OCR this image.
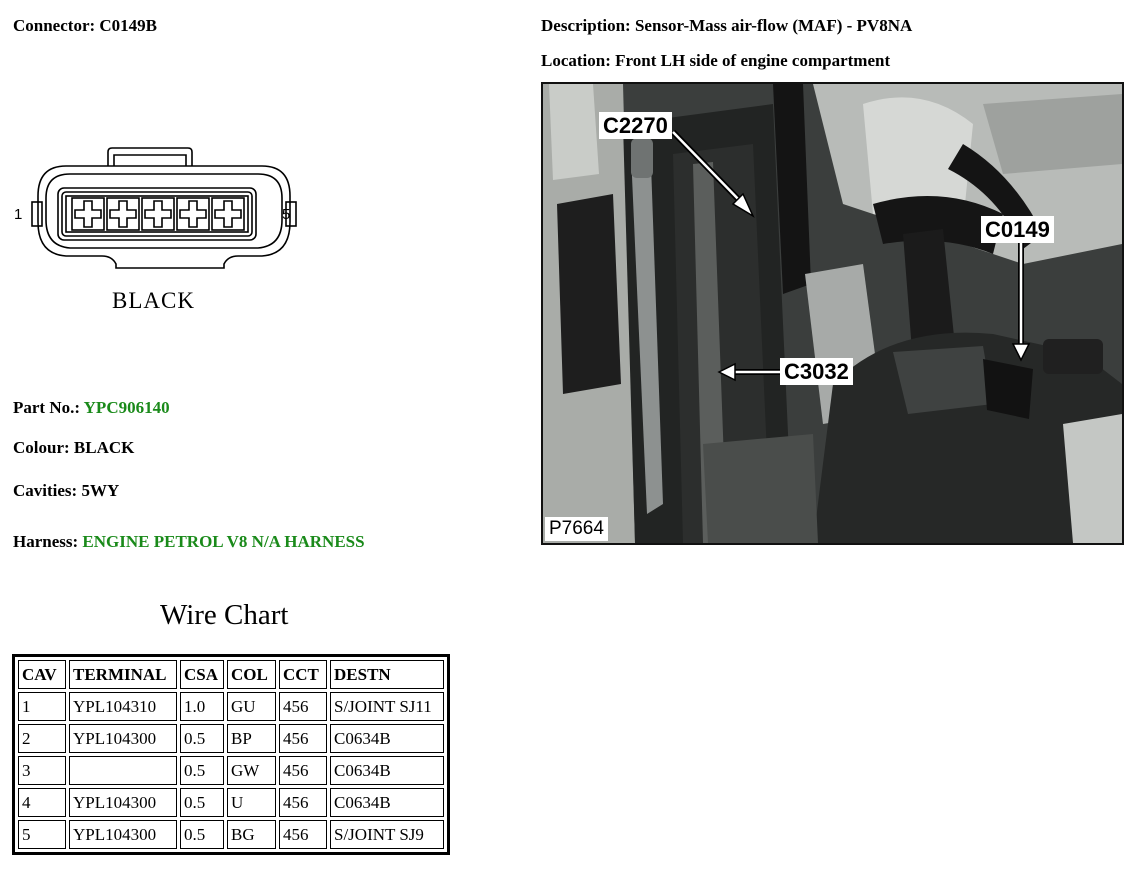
Connector: C0149B	Description: Sensor-Mass air-flow (MAF) - PV8NA
Location: Front LH side of engine compartment
1	5
BLACK
Part No.: YPC906140
Colour: BLACK
Cavities: 5WY
Harness: ENGINE PETROL V8 N/A HARNESS
Wire Chart
CAV	TERMINAL	CSA	COL	CCT	DESTN
1	YPL104310	1.0	GU	456	S/JOINT SJ11
2	YPL104300	0.5	BP	456	C0634B
3		0.5	GW	456	C0634B
4	YPL104300	0.5	U	456	C0634B
5	YPL104300	0.5	BG	456	S/JOINT SJ9
C2270
C0149
C3032
P7664
